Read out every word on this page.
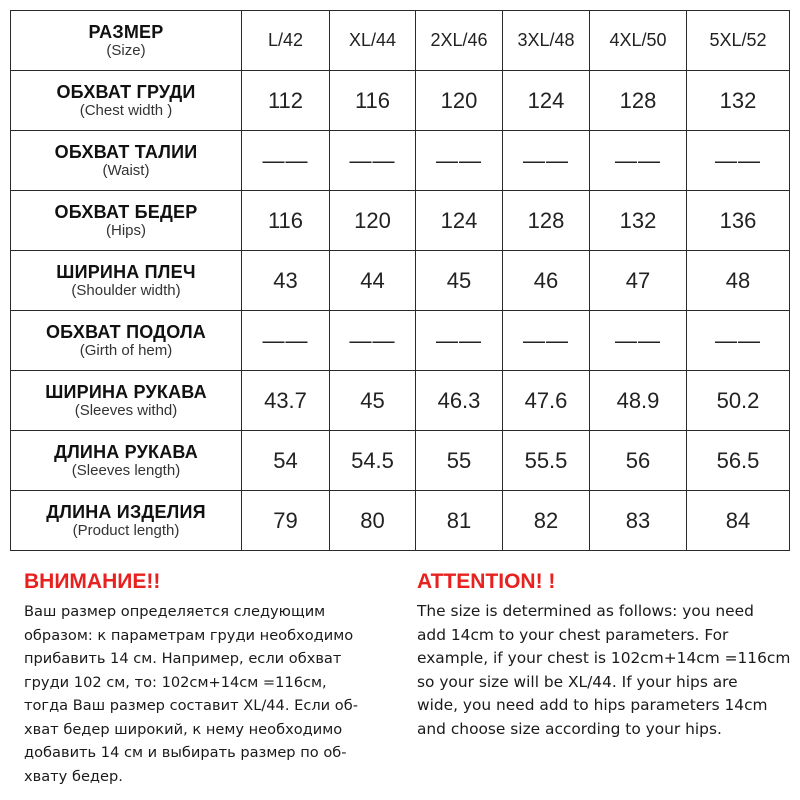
РАЗМЕР
(Size)	L/42	XL/44	2XL/46	3XL/48	4XL/50	5XL/52

ОБХВАТ ГРУДИ
(Chest width )	112	116	120	124	128	132

ОБХВАТ ТАЛИИ
(Waist)	——	——	——	——	——	——

ОБХВАТ БЕДЕР
(Hips)	116	120	124	128	132	136

ШИРИНА ПЛЕЧ
(Shoulder width)	43	44	45	46	47	48

ОБХВАТ ПОДОЛА
(Girth of hem)	——	——	——	——	——	——

ШИРИНА РУКАВА
(Sleeves withd)	43.7	45	46.3	47.6	48.9	50.2

ДЛИНА РУКАВА
(Sleeves length)	54	54.5	55	55.5	56	56.5

ДЛИНА ИЗДЕЛИЯ
(Product length)	79	80	81	82	83	84
ВНИМАНИЕ!!
Ваш размер определяется следующим
образом: к параметрам груди необходимо
прибавить 14 см. Например, если обхват
груди 102 см, то: 102см+14см =116см,
тогда Ваш размер составит XL/44. Если об-
хват бедер широкий, к нему необходимо
добавить 14 см и выбирать размер по об-
хвату бедер.
ATTENTION! !
The size is determined as follows: you need
add 14cm to your chest parameters. For
example, if your chest is 102cm+14cm =116cm
so your size will be XL/44. If your hips are
wide, you need add to hips parameters 14cm
and choose size according to your hips.
